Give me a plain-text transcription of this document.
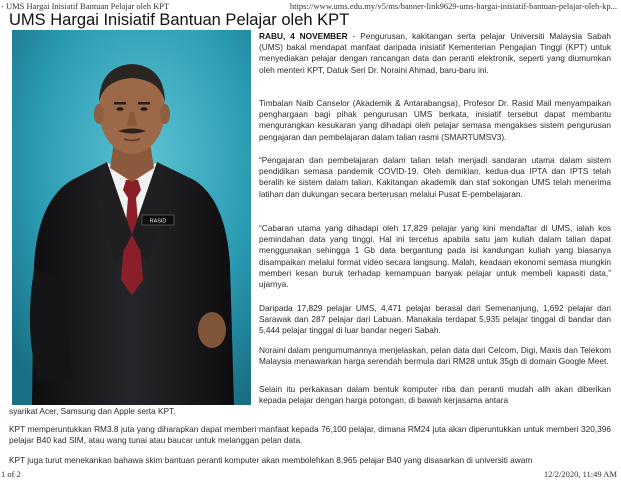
- UMS Hargai Inisiatif Bantuan Pelajar oleh KPT	https://www.ums.edu.my/v5/ms/banner-link9629-ums-hargai-inisiatif-bantuan-pelajar-oleh-kp...
UMS Hargai Inisiatif Bantuan Pelajar oleh KPT
RASID

RABU, 4 NOVEMBER - Pengurusan, kakitangan serta pelajar Universiti Malaysia Sabah (UMS) bakal mendapat manfaat daripada inisiatif Kementerian Pengajian Tinggi (KPT) untuk menyediakan pelajar dengan rancangan data dan peranti elektronik, seperti yang diumumkan oleh menteri KPT, Datuk Seri Dr. Noraini Ahmad, baru-baru ini.

Timbalan Naib Canselor (Akademik & Antarabangsa), Profesor Dr. Rasid Mail menyampaikan penghargaan bagi pihak pengurusan UMS berkata, inisiatif tersebut dapat membantu mengurangkan kesukaran yang dihadapi oleh pelajar semasa mengakses sistem pengurusan pengajaran dan pembelajaran dalam talian rasmi (SMARTUMSV3).

“Pengajaran dan pembelajaran dalam talian telah menjadi sandaran utama dalam sistem pendidikan semasa pandemik COVID-19. Oleh demikian, kedua-dua IPTA dan IPTS telah beralih ke sistem dalam talian. Kakitangan akademik dan staf sokongan UMS telah menerima latihan dan dukungan secara berterusan melalui Pusat E-pembelajaran.

“Cabaran utama yang dihadapi oleh 17,829 pelajar yang kini mendaftar di UMS, ialah kos pemindahan data yang tinggi. Hal ini tercetus apabila satu jam kuliah dalam talian dapat menggunakan sehingga 1 Gb data bergantung pada isi kandungan kuliah yang biasanya disampaikan melalui format video secara langsung. Malah, keadaan ekonomi semasa mungkin memberi kesan buruk terhadap kemampuan banyak pelajar untuk membeli kapasiti data,” ujarnya.

Daripada 17,829 pelajar UMS, 4,471 pelajar berasal dari Semenanjung, 1,692 pelajar dari Sarawak dan 287 pelajar dari Labuan. Manakala terdapat 5,935 pelajar tinggal di bandar dan 5,444 pelajar tinggal di luar bandar negeri Sabah.

Noraini dalam pengumumannya menjelaskan, pelan data dari Celcom, Digi, Maxis dan Telekom Malaysia menawarkan harga serendah bermula dari RM28 untuk 35gb di domain Google Meet.

Selain itu perkakasan dalam bentuk komputer riba dan peranti mudah alih akan diberikan kepada pelajar dengan harga potongan, di bawah kerjasama antara

syarikat Acer, Samsung dan Apple serta KPT.

KPT memperuntukkan RM3.8 juta yang diharapkan dapat memberi manfaat kepada 76,100 pelajar, dimana RM24 juta akan diperuntukkan untuk memberi 320,396 pelajar B40 kad SIM, atau wang tunai atau baucar untuk melanggan pelan data.

KPT juga turut menekankan bahawa skim bantuan peranti komputer akan membolehkan 8,965 pelajar B40 yang disasarkan di universiti awam

1 of 2	12/2/2020, 11:49 AM
